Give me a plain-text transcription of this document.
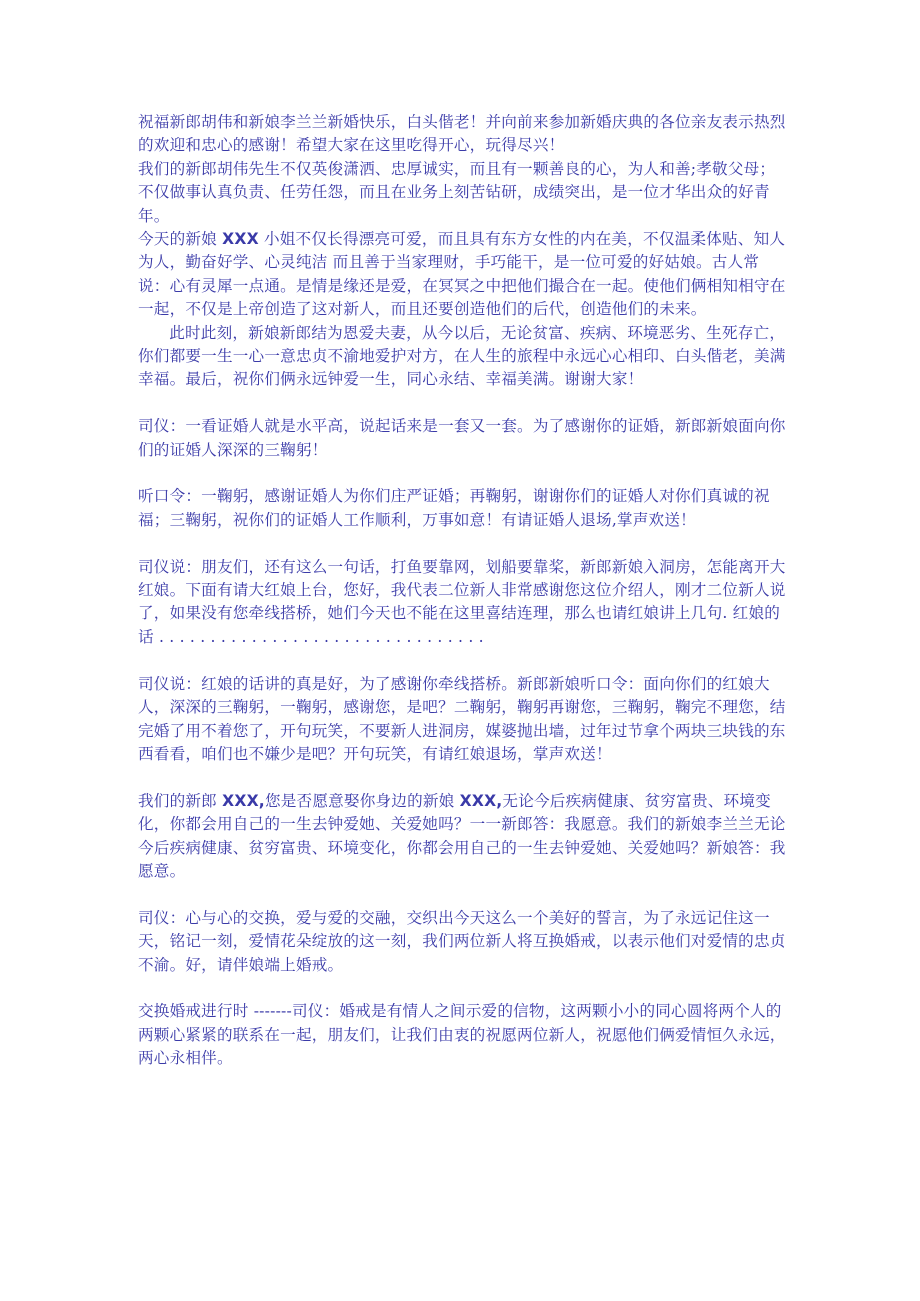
祝福新郎胡伟和新娘李兰兰新婚快乐，白头偕老！并向前来参加新婚庆典的各位亲友表示热烈的欢迎和忠心的感谢！希望大家在这里吃得开心，玩得尽兴！

我们的新郎胡伟先生不仅英俊潇洒、忠厚诚实，而且有一颗善良的心，为人和善;孝敬父母；不仅做事认真负责、任劳任怨，而且在业务上刻苦钻研，成绩突出，是一位才华出众的好青年。

今天的新娘 XXX 小姐不仅长得漂亮可爱，而且具有东方女性的内在美，不仅温柔体贴、知人为人，勤奋好学、心灵纯洁 而且善于当家理财，手巧能干，是一位可爱的好姑娘。古人常说：心有灵犀一点通。是情是缘还是爱，在冥冥之中把他们撮合在一起。使他们俩相知相守在一起，不仅是上帝创造了这对新人，而且还要创造他们的后代，创造他们的未来。

此时此刻，新娘新郎结为恩爱夫妻，从今以后，无论贫富、疾病、环境恶劣、生死存亡，你们都要一生一心一意忠贞不渝地爱护对方，在人生的旅程中永远心心相印、白头偕老，美满幸福。最后，祝你们俩永远钟爱一生，同心永结、幸福美满。谢谢大家！

司仪：一看证婚人就是水平高，说起话来是一套又一套。为了感谢你的证婚，新郎新娘面向你们的证婚人深深的三鞠躬！

听口令：一鞠躬，感谢证婚人为你们庄严证婚；再鞠躬，谢谢你们的证婚人对你们真诚的祝福；三鞠躬，祝你们的证婚人工作顺利，万事如意！有请证婚人退场,掌声欢送！

司仪说：朋友们，还有这么一句话，打鱼要靠网，划船要靠桨，新郎新娘入洞房，怎能离开大红娘。下面有请大红娘上台，您好，我代表二位新人非常感谢您这位介绍人，刚才二位新人说了，如果没有您牵线搭桥，她们今天也不能在这里喜结连理，那么也请红娘讲上几句. 红娘的话 . . . . . . . . . . . . . . . . . . . . . . . . . . . . . . . .

司仪说：红娘的话讲的真是好，为了感谢你牵线搭桥。新郎新娘听口令：面向你们的红娘大人，深深的三鞠躬，一鞠躬，感谢您，是吧？二鞠躬，鞠躬再谢您，三鞠躬，鞠完不理您，结完婚了用不着您了，开句玩笑，不要新人进洞房，媒婆抛出墙，过年过节拿个两块三块钱的东西看看，咱们也不嫌少是吧？开句玩笑，有请红娘退场，掌声欢送！

我们的新郎 XXX,您是否愿意娶你身边的新娘 XXX,无论今后疾病健康、贫穷富贵、环境变化，你都会用自己的一生去钟爱她、关爱她吗？一一新郎答：我愿意。我们的新娘李兰兰无论今后疾病健康、贫穷富贵、环境变化，你都会用自己的一生去钟爱她、关爱她吗？新娘答：我愿意。

司仪：心与心的交换，爱与爱的交融，交织出今天这么一个美好的誓言，为了永远记住这一天，铭记一刻，爱情花朵绽放的这一刻，我们两位新人将互换婚戒，以表示他们对爱情的忠贞不渝。好，请伴娘端上婚戒。

交换婚戒进行时 -------司仪：婚戒是有情人之间示爱的信物，这两颗小小的同心圆将两个人的两颗心紧紧的联系在一起，朋友们，让我们由衷的祝愿两位新人，祝愿他们俩爱情恒久永远，两心永相伴。
